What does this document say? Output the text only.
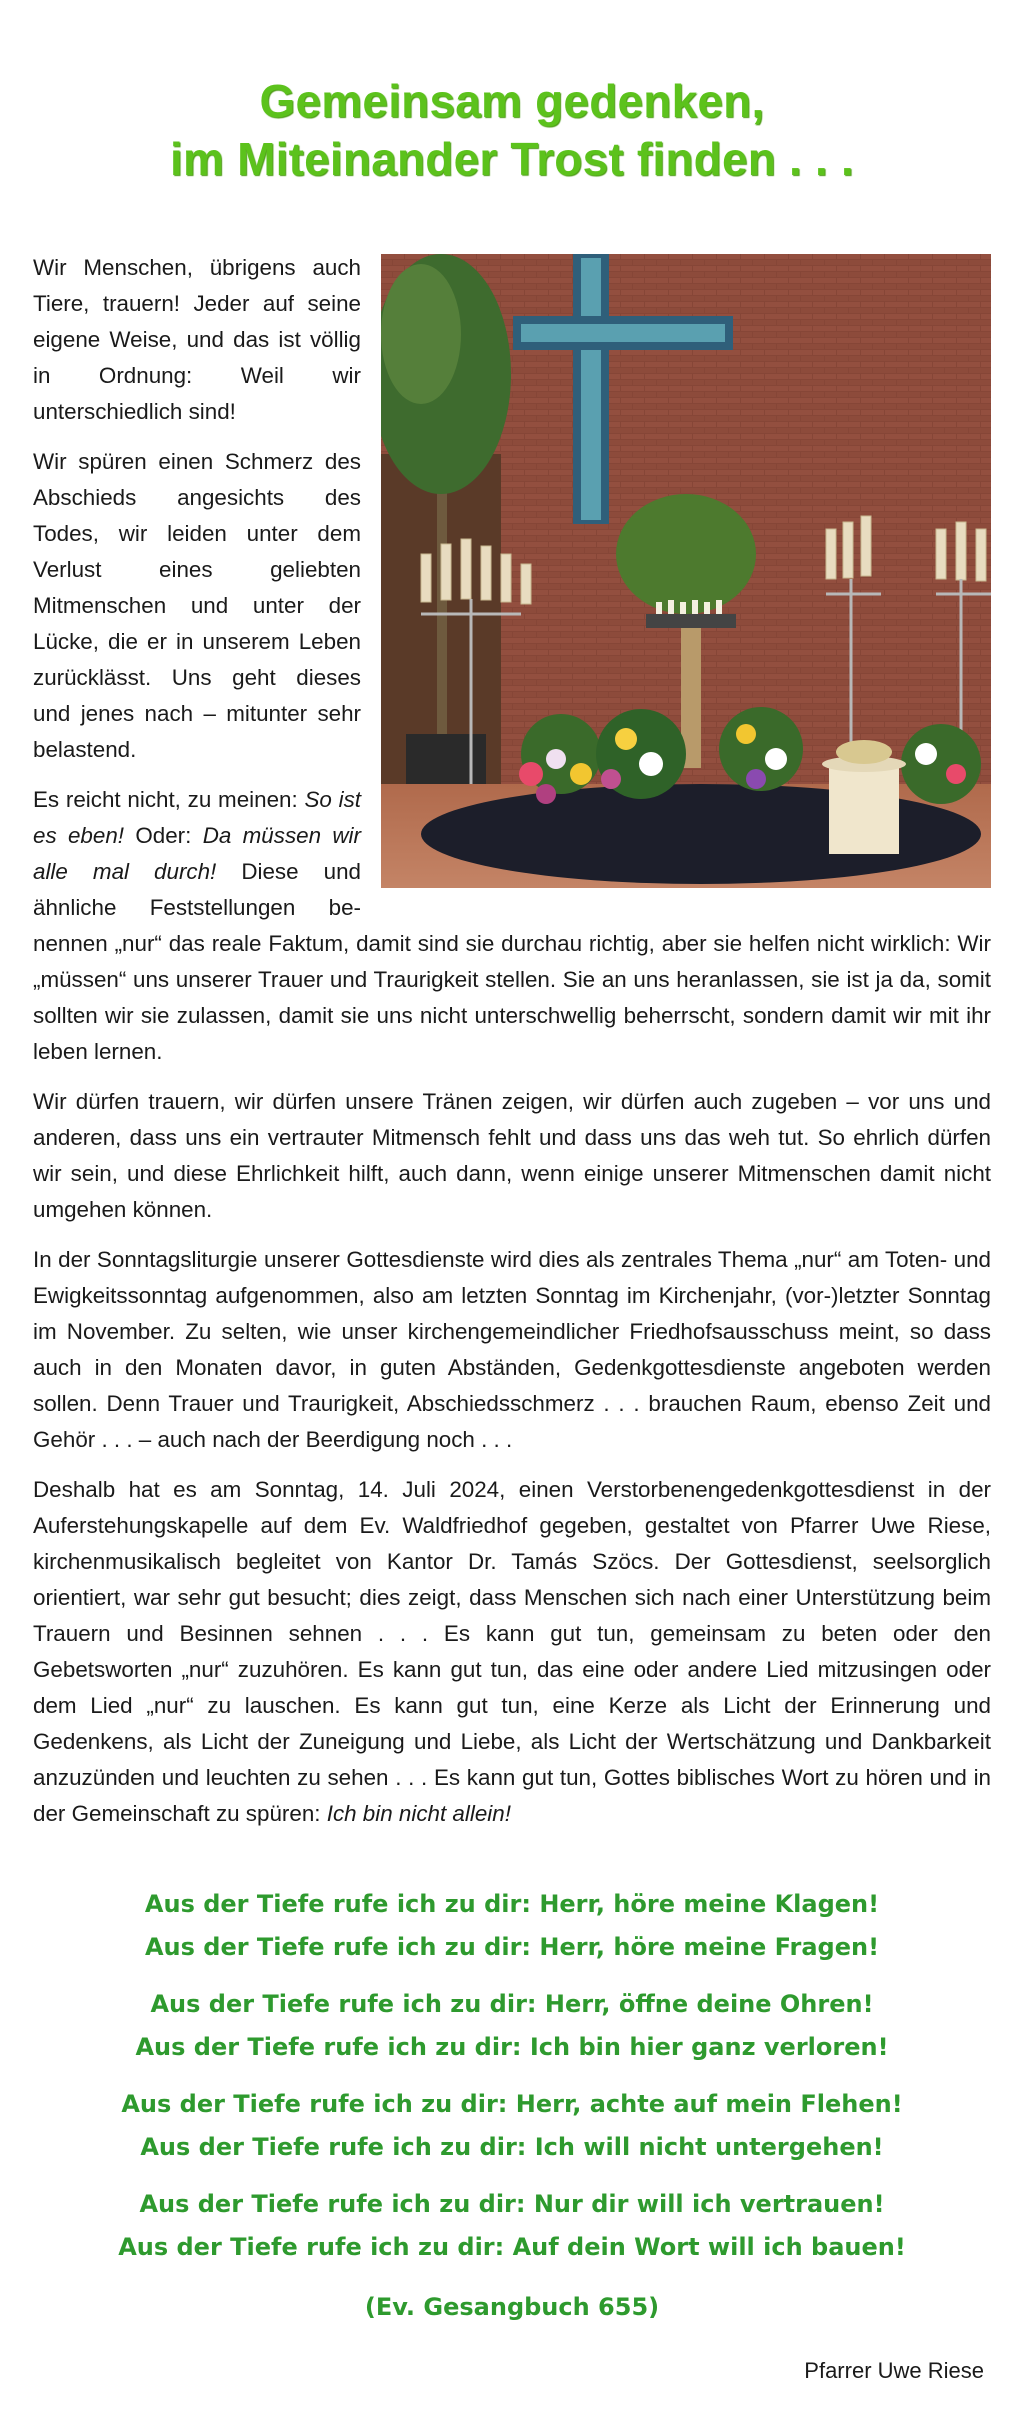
Gemeinsam gedenken,
im Miteinander Trost finden . . .

Wir Menschen, übrigens auch Tiere, trauern! Jeder auf seine eigene Weise, und das ist völlig in Ordnung: Weil wir unterschiedlich sind!

Wir spüren einen Schmerz des Abschieds angesichts des Todes, wir leiden unter dem Verlust eines geliebten Mitmenschen und unter der Lücke, die er in unserem Leben zurücklässt. Uns geht dieses und jenes nach – mitunter sehr belastend.

Es reicht nicht, zu meinen: So ist es eben! Oder: Da müssen wir alle mal durch! Diese und ähnliche Feststellungen benennen „nur“ das reale Faktum, damit sind sie durchau richtig, aber sie helfen nicht wirklich: Wir „müssen“ uns unserer Trauer und Traurigkeit stellen. Sie an uns heranlassen, sie ist ja da, somit sollten wir sie zulassen, damit sie uns nicht unterschwellig beherrscht, sondern damit wir mit ihr leben lernen.

Wir dürfen trauern, wir dürfen unsere Tränen zeigen, wir dürfen auch zugeben – vor uns und anderen, dass uns ein vertrauter Mitmensch fehlt und dass uns das weh tut. So ehrlich dürfen wir sein, und diese Ehrlichkeit hilft, auch dann, wenn einige unserer Mitmenschen damit nicht umgehen können.

In der Sonntagsliturgie unserer Gottesdienste wird dies als zentrales Thema „nur“ am Toten- und Ewigkeitssonntag aufgenommen, also am letzten Sonntag im Kirchenjahr, (vor-)letzter Sonntag im November. Zu selten, wie unser kirchengemeindlicher Friedhofsausschuss meint, so dass auch in den Monaten davor, in guten Abständen, Gedenkgottesdienste angeboten werden sollen. Denn Trauer und Traurigkeit, Abschiedsschmerz . . . brauchen Raum, ebenso Zeit und Gehör . . . – auch nach der Beerdigung noch . . .

Deshalb hat es am Sonntag, 14. Juli 2024, einen Verstorbenengedenkgottesdienst in der Auferstehungskapelle auf dem Ev. Waldfriedhof gegeben, gestaltet von Pfarrer Uwe Riese, kirchenmusikalisch begleitet von Kantor Dr. Tamás Szöcs. Der Gottesdienst, seelsorglich orientiert, war sehr gut besucht; dies zeigt, dass Menschen sich nach einer Unterstützung beim Trauern und Besinnen sehnen . . . Es kann gut tun, gemeinsam zu beten oder den Gebetsworten „nur“ zuzuhören. Es kann gut tun, das eine oder andere Lied mitzusingen oder dem Lied „nur“ zu lauschen. Es kann gut tun, eine Kerze als Licht der Erinnerung und Gedenkens, als Licht der Zuneigung und Liebe, als Licht der Wertschätzung und Dankbarkeit anzuzünden und leuchten zu sehen . . . Es kann gut tun, Gottes biblisches Wort zu hören und in der Gemeinschaft zu spüren: Ich bin nicht allein!

Aus der Tiefe rufe ich zu dir: Herr, höre meine Klagen!
Aus der Tiefe rufe ich zu dir: Herr, höre meine Fragen!
Aus der Tiefe rufe ich zu dir: Herr, öffne deine Ohren!
Aus der Tiefe rufe ich zu dir: Ich bin hier ganz verloren!
Aus der Tiefe rufe ich zu dir: Herr, achte auf mein Flehen!
Aus der Tiefe rufe ich zu dir: Ich will nicht untergehen!
Aus der Tiefe rufe ich zu dir: Nur dir will ich vertrauen!
Aus der Tiefe rufe ich zu dir: Auf dein Wort will ich bauen!
(Ev. Gesangbuch 655)
Pfarrer Uwe Riese
